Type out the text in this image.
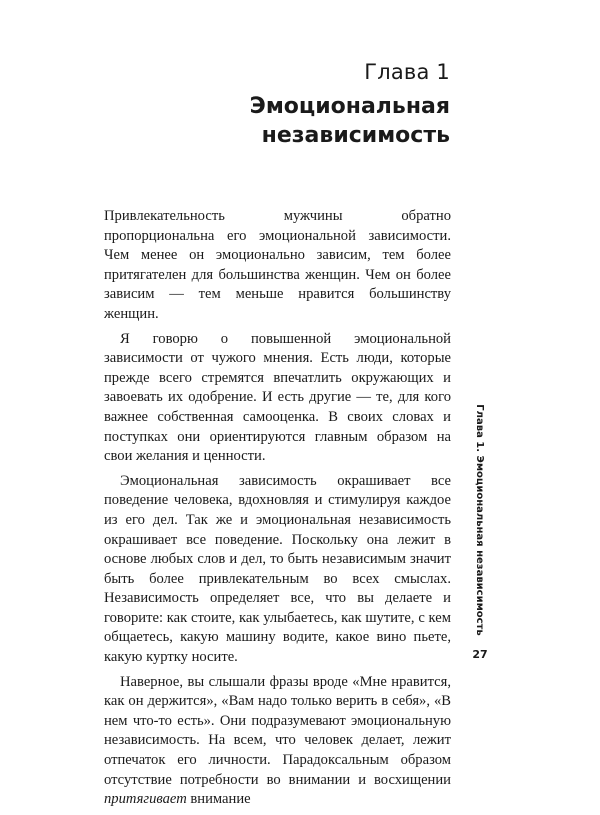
Глава 1
Эмоциональная независимость

Привлекательность мужчины обратно пропорциональна его эмоциональной зависимости. Чем менее он эмоционально зависим, тем более притягателен для большинства женщин. Чем он более зависим — тем меньше нравится большинству женщин.

Я говорю о повышенной эмоциональной зависимости от чужого мнения. Есть люди, которые прежде всего стремятся впечатлить окружающих и завоевать их одобрение. И есть другие — те, для кого важнее собственная самооценка. В своих словах и поступках они ориентируются главным образом на свои желания и ценности.

Эмоциональная зависимость окрашивает все поведение человека, вдохновляя и стимулируя каждое из его дел. Так же и эмоциональная независимость окрашивает все поведение. Поскольку она лежит в основе любых слов и дел, то быть независимым значит быть более привлекательным во всех смыслах. Независимость определяет все, что вы делаете и говорите: как стоите, как улыбаетесь, как шутите, с кем общаетесь, какую машину водите, какое вино пьете, какую куртку носите.

Наверное, вы слышали фразы вроде «Мне нравится, как он держится», «Вам надо только верить в себя», «В нем что-то есть». Они подразумевают эмоциональную независимость. На всем, что человек делает, лежит отпечаток его личности. Парадоксальным образом отсутствие потребности во внимании и восхищении притягивает внимание

Глава 1. Эмоциональная независимость
27
